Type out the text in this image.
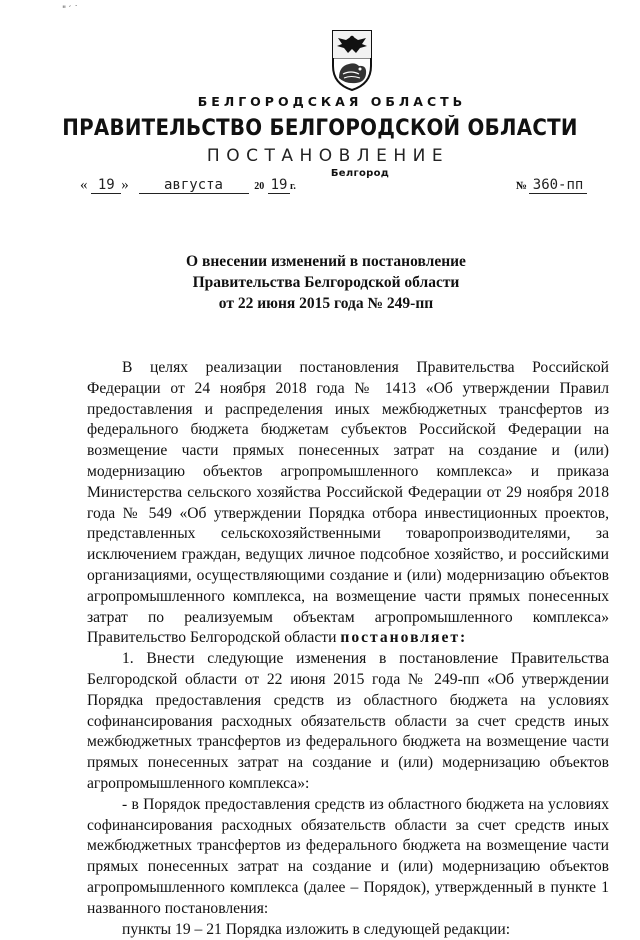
" ′ ˙
БЕЛГОРОДСКАЯ ОБЛАСТЬ
ПРАВИТЕЛЬСТВО БЕЛГОРОДСКОЙ ОБЛАСТИ
ПОСТАНОВЛЕНИЕ
Белгород
« 19 »	августа	20 19 г.	№ 360-пп
О внесении изменений в постановление
Правительства Белгородской области
от 22 июня 2015 года № 249-пп

В целях реализации постановления Правительства Российской Федерации от 24 ноября 2018 года № 1413 «Об утверждении Правил предоставления и распределения иных межбюджетных трансфертов из федерального бюджета бюджетам субъектов Российской Федерации на возмещение части прямых понесенных затрат на создание и (или) модернизацию объектов агропромышленного комплекса» и приказа Министерства сельского хозяйства Российской Федерации от 29 ноября 2018 года № 549 «Об утверждении Порядка отбора инвестиционных проектов, представленных сельскохозяйственными товаропроизводителями, за исключением граждан, ведущих личное подсобное хозяйство, и российскими организациями, осуществляющими создание и (или) модернизацию объектов агропромышленного комплекса, на возмещение части прямых понесенных затрат по реализуемым объектам агропромышленного комплекса» Правительство Белгородской области постановляет:

1. Внести следующие изменения в постановление Правительства Белгородской области от 22 июня 2015 года № 249-пп «Об утверждении Порядка предоставления средств из областного бюджета на условиях софинансирования расходных обязательств области за счет средств иных межбюджетных трансфертов из федерального бюджета на возмещение части прямых понесенных затрат на создание и (или) модернизацию объектов агропромышленного комплекса»:

- в Порядок предоставления средств из областного бюджета на условиях софинансирования расходных обязательств области за счет средств иных межбюджетных трансфертов из федерального бюджета на возмещение части прямых понесенных затрат на создание и (или) модернизацию объектов агропромышленного комплекса (далее – Порядок), утвержденный в пункте 1 названного постановления:

пункты 19 – 21 Порядка изложить в следующей редакции:
